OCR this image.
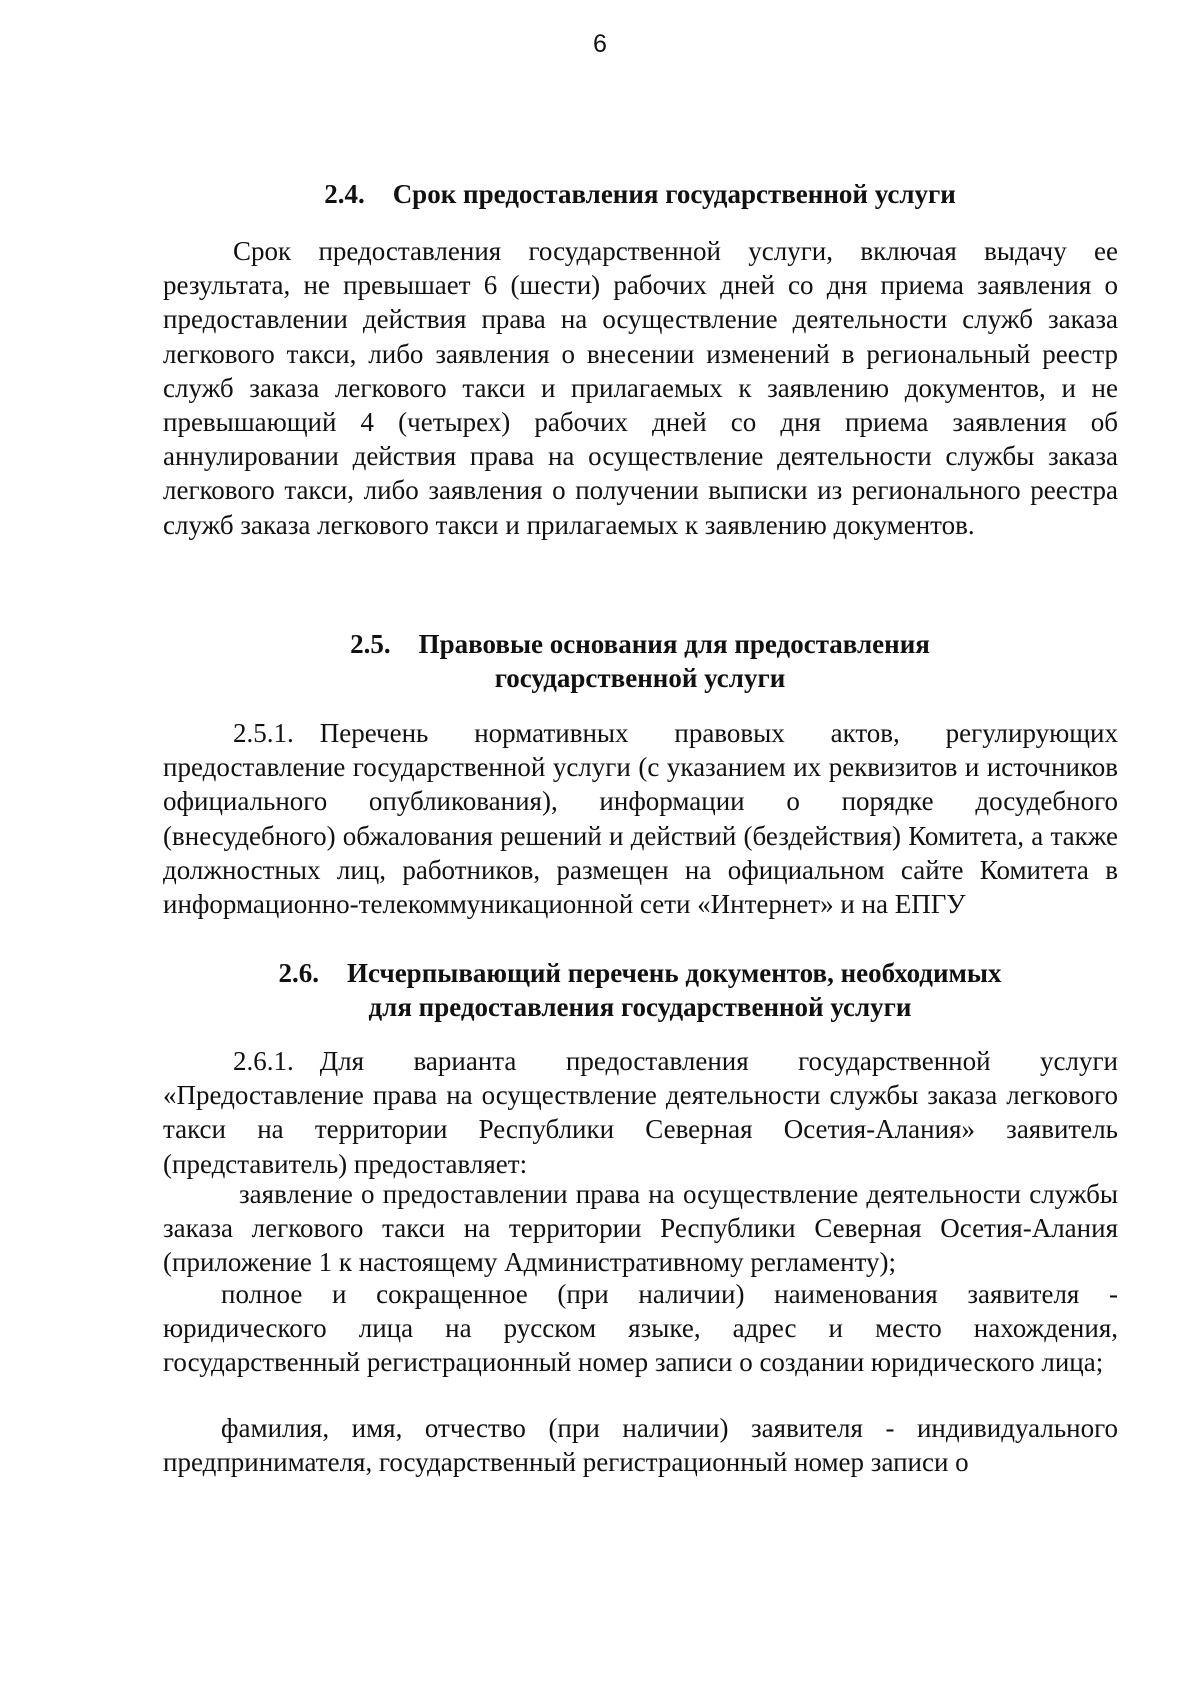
6
2.4. Срок предоставления государственной услуги
Срок предоставления государственной услуги, включая выдачу ее результата, не превышает 6 (шести) рабочих дней со дня приема заявления о предоставлении действия права на осуществление деятельности служб заказа легкового такси, либо заявления о внесении изменений в региональный реестр служб заказа легкового такси и прилагаемых к заявлению документов, и не превышающий 4 (четырех) рабочих дней со дня приема заявления об аннулировании действия права на осуществление деятельности службы заказа легкового такси, либо заявления о получении выписки из регионального реестра служб заказа легкового такси и прилагаемых к заявлению документов.
2.5. Правовые основания для предоставления
государственной услуги
2.5.1. Перечень нормативных правовых актов, регулирующих предоставление государственной услуги (с указанием их реквизитов и источников официального опубликования), информации о порядке досудебного (внесудебного) обжалования решений и действий (бездействия) Комитета, а также должностных лиц, работников, размещен на официальном сайте Комитета в информационно-телекоммуникационной сети «Интернет» и на ЕПГУ
2.6. Исчерпывающий перечень документов, необходимых
для предоставления государственной услуги
2.6.1. Для варианта предоставления государственной услуги «Предоставление права на осуществление деятельности службы заказа легкового такси на территории Республики Северная Осетия-Алания» заявитель (представитель) предоставляет:
заявление о предоставлении права на осуществление деятельности службы заказа легкового такси на территории Республики Северная Осетия-Алания (приложение 1 к настоящему Административному регламенту);
полное и сокращенное (при наличии) наименования заявителя - юридического лица на русском языке, адрес и место нахождения, государственный регистрационный номер записи о создании юридического лица;
фамилия, имя, отчество (при наличии) заявителя - индивидуального предпринимателя, государственный регистрационный номер записи о
